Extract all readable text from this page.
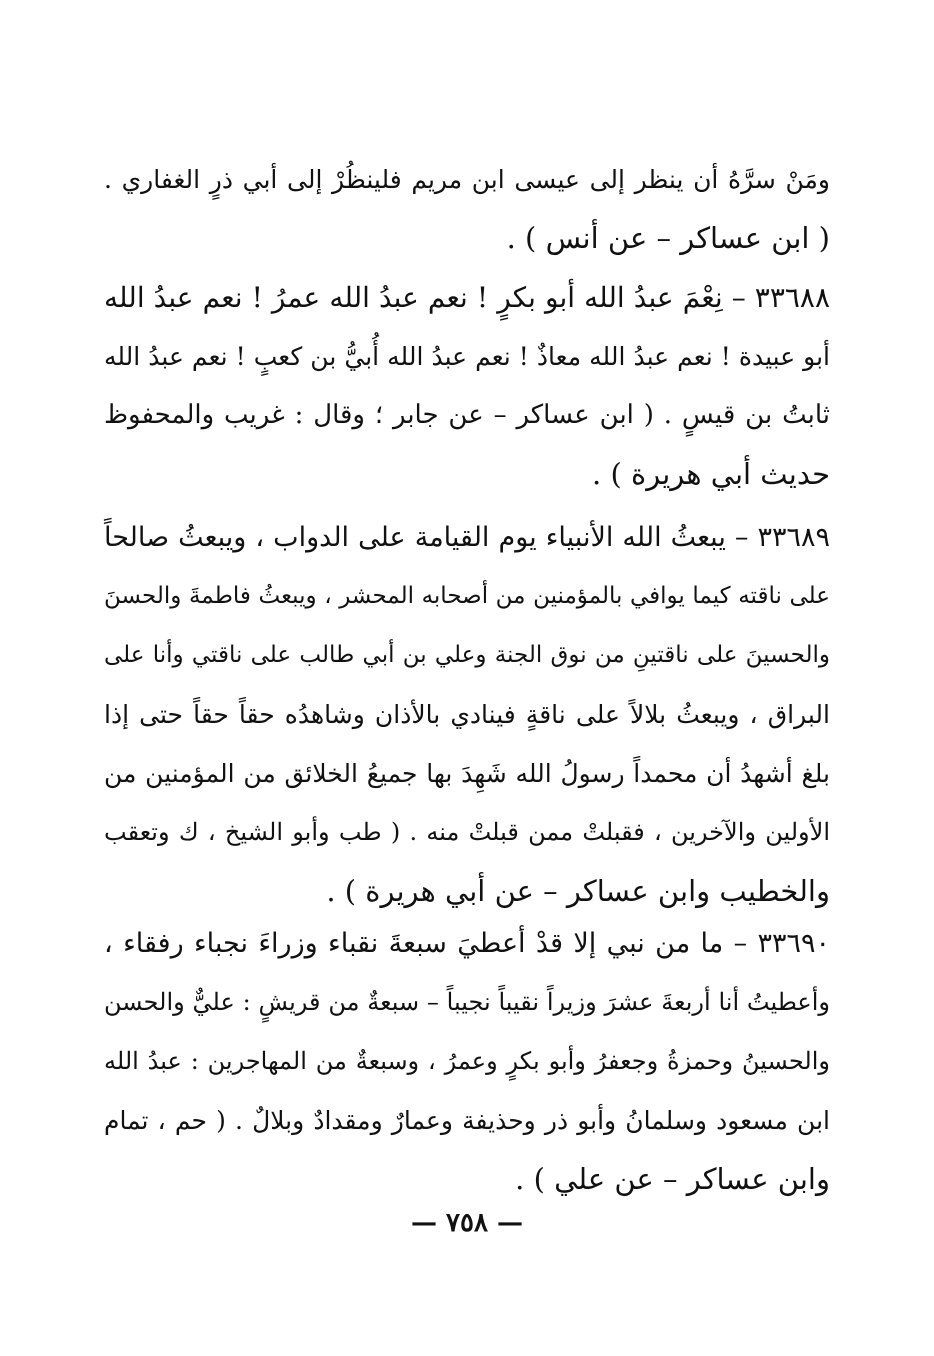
ومَنْ سرَّهُ أن ينظر إلى عيسى ابن مريم فلينظُرْ إلى أبي ذرٍ الغفاري .
( ابن عساكر – عن أنس ) .

٣٣٦٨٨ – نِعْمَ عبدُ الله أبو بكرٍ ! نعم عبدُ الله عمرُ ! نعم عبدُ الله
أبو عبيدة ! نعم عبدُ الله معاذٌ ! نعم عبدُ الله أُبيُّ بن كعبٍ ! نعم عبدُ الله
ثابتُ بن قيسٍ . ( ابن عساكر – عن جابر ؛ وقال : غريب والمحفوظ
حديث أبي هريرة ) .

٣٣٦٨٩ – يبعثُ الله الأنبياء يوم القيامة على الدواب ، ويبعثُ صالحاً
على ناقته كيما يوافي بالمؤمنين من أصحابه المحشر ، ويبعثُ فاطمةَ والحسنَ
والحسينَ على ناقتينِ من نوق الجنة وعلي بن أبي طالب على ناقتي وأنا على
البراق ، ويبعثُ بلالاً على ناقةٍ فينادي بالأذان وشاهدُه حقاً حقاً حتى إذا
بلغ أشهدُ أن محمداً رسولُ الله شَهِدَ بها جميعُ الخلائق من المؤمنين من
الأولين والآخرين ، فقبلتْ ممن قبلتْ منه . ( طب وأبو الشيخ ، ك وتعقب
والخطيب وابن عساكر – عن أبي هريرة ) .

٣٣٦٩٠ – ما من نبي إلا قدْ أعطيَ سبعةَ نقباء وزراءَ نجباء رفقاء ،
وأعطيتُ أنا أربعةَ عشرَ وزيراً نقيباً نجيباً – سبعةٌ من قريشٍ : عليٌّ والحسن
والحسينُ وحمزةُ وجعفرُ وأبو بكرٍ وعمرُ ، وسبعةٌ من المهاجرين : عبدُ الله
ابن مسعود وسلمانُ وأبو ذر وحذيفة وعمارٌ ومقدادٌ وبلالٌ . ( حم ، تمام
وابن عساكر – عن علي ) .

— ٧٥٨ —
